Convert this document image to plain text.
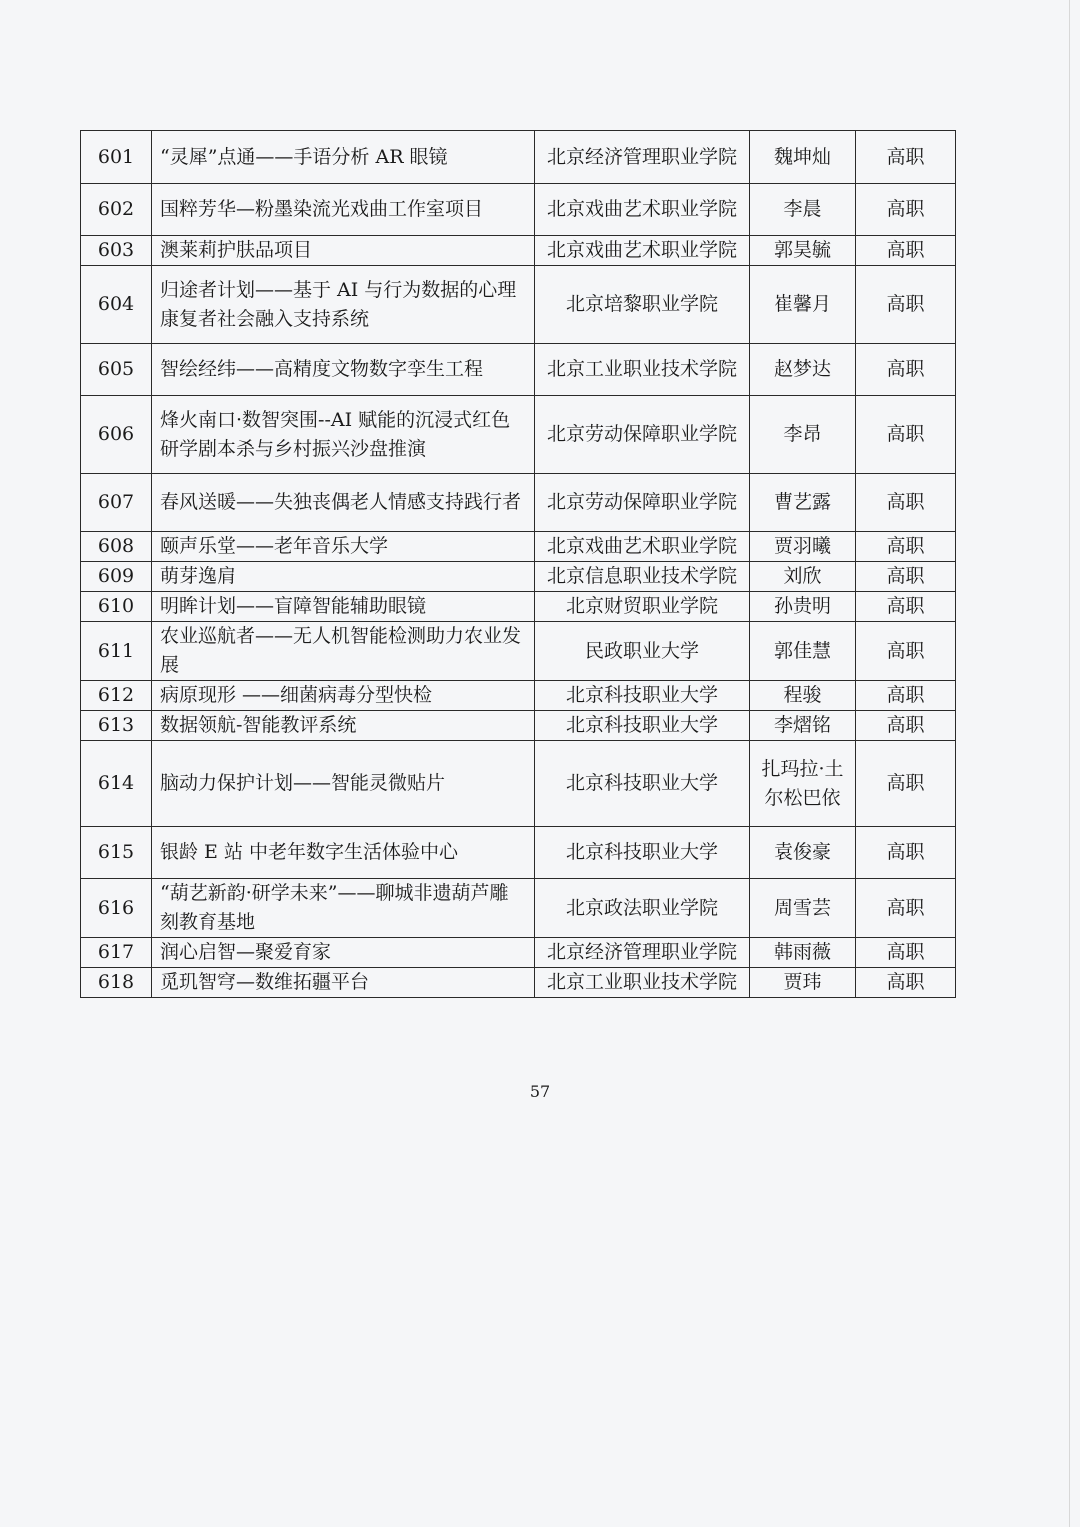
601	“灵犀”点通——手语分析 AR 眼镜	北京经济管理职业学院	魏坤灿	高职
602	国粹芳华—粉墨染流光戏曲工作室项目	北京戏曲艺术职业学院	李晨	高职
603	澳莱莉护肤品项目	北京戏曲艺术职业学院	郭昊毓	高职
604	归途者计划——基于 AI 与行为数据的心理康复者社会融入支持系统	北京培黎职业学院	崔馨月	高职
605	智绘经纬——高精度文物数字孪生工程	北京工业职业技术学院	赵梦达	高职
606	烽火南口·数智突围--AI 赋能的沉浸式红色研学剧本杀与乡村振兴沙盘推演	北京劳动保障职业学院	李昂	高职
607	春风送暖——失独丧偶老人情感支持践行者	北京劳动保障职业学院	曹艺露	高职
608	颐声乐堂——老年音乐大学	北京戏曲艺术职业学院	贾羽曦	高职
609	萌芽逸肩	北京信息职业技术学院	刘欣	高职
610	明眸计划——盲障智能辅助眼镜	北京财贸职业学院	孙贵明	高职
611	农业巡航者——无人机智能检测助力农业发展	民政职业大学	郭佳慧	高职
612	病原现形 ——细菌病毒分型快检	北京科技职业大学	程骏	高职
613	数据领航-智能教评系统	北京科技职业大学	李熠铭	高职
614	脑动力保护计划——智能灵微贴片	北京科技职业大学	扎玛拉·土尔松巴依	高职
615	银龄 E 站 中老年数字生活体验中心	北京科技职业大学	袁俊豪	高职
616	“葫艺新韵·研学未来”——聊城非遗葫芦雕刻教育基地	北京政法职业学院	周雪芸	高职
617	润心启智—聚爱育家	北京经济管理职业学院	韩雨薇	高职
618	觅玑智穹—数维拓疆平台	北京工业职业技术学院	贾玮	高职
57
